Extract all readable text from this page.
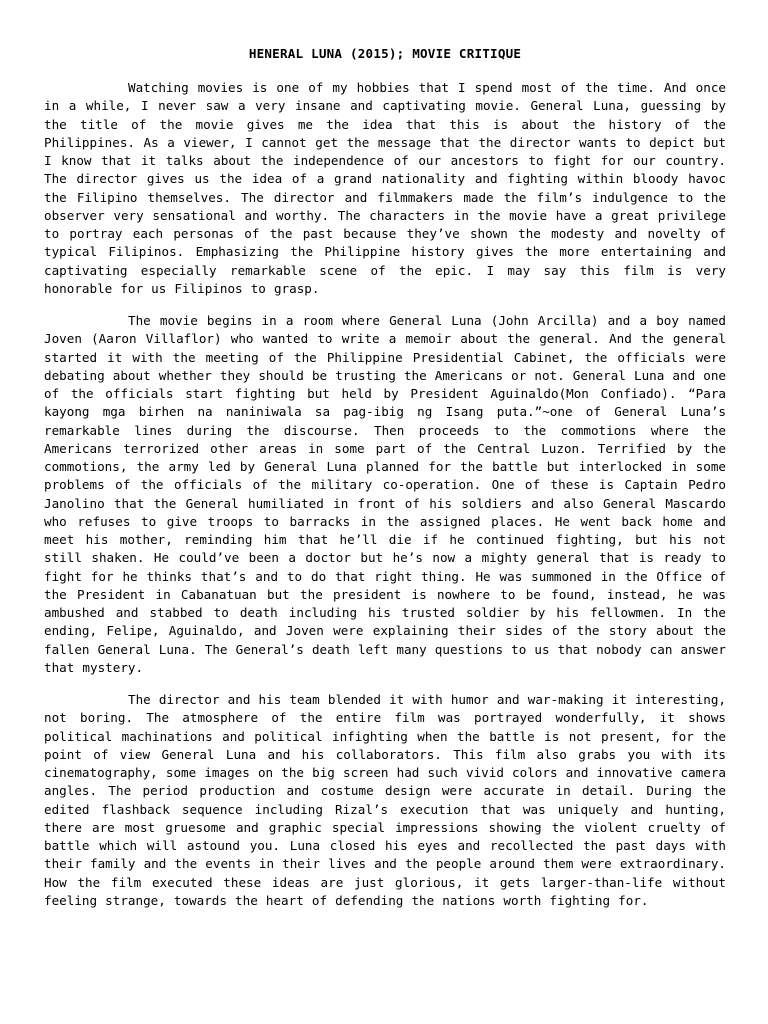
HENERAL LUNA (2015); MOVIE CRITIQUE

Watching movies is one of my hobbies that I spend most of the time. And once in a while, I never saw a very insane and captivating movie. General Luna, guessing by the title of the movie gives me the idea that this is about the history of the Philippines. As a viewer, I cannot get the message that the director wants to depict but I know that it talks about the independence of our ancestors to fight for our country. The director gives us the idea of a grand nationality and fighting within bloody havoc the Filipino themselves. The director and filmmakers made the film’s indulgence to the observer very sensational and worthy. The characters in the movie have a great privilege to portray each personas of the past because they’ve shown the modesty and novelty of typical Filipinos. Emphasizing the Philippine history gives the more entertaining and captivating especially remarkable scene of the epic. I may say this film is very honorable for us Filipinos to grasp.

The movie begins in a room where General Luna (John Arcilla) and a boy named Joven (Aaron Villaflor) who wanted to write a memoir about the general. And the general started it with the meeting of the Philippine Presidential Cabinet, the officials were debating about whether they should be trusting the Americans or not. General Luna and one of the officials start fighting but held by President Aguinaldo(Mon Confiado). “Para kayong mga birhen na naniniwala sa pag-ibig ng Isang puta.”~one of General Luna’s remarkable lines during the discourse. Then proceeds to the commotions where the Americans terrorized other areas in some part of the Central Luzon. Terrified by the commotions, the army led by General Luna planned for the battle but interlocked in some problems of the officials of the military co-operation. One of these is Captain Pedro Janolino that the General humiliated in front of his soldiers and also General Mascardo who refuses to give troops to barracks in the assigned places. He went back home and meet his mother, reminding him that he’ll die if he continued fighting, but his not still shaken. He could’ve been a doctor but he’s now a mighty general that is ready to fight for he thinks that’s and to do that right thing. He was summoned in the Office of the President in Cabanatuan but the president is nowhere to be found, instead, he was ambushed and stabbed to death including his trusted soldier by his fellowmen. In the ending, Felipe, Aguinaldo, and Joven were explaining their sides of the story about the fallen General Luna. The General’s death left many questions to us that nobody can answer that mystery.

The director and his team blended it with humor and war-making it interesting, not boring. The atmosphere of the entire film was portrayed wonderfully, it shows political machinations and political infighting when the battle is not present, for the point of view General Luna and his collaborators. This film also grabs you with its cinematography, some images on the big screen had such vivid colors and innovative camera angles. The period production and costume design were accurate in detail. During the edited flashback sequence including Rizal’s execution that was uniquely and hunting, there are most gruesome and graphic special impressions showing the violent cruelty of battle which will astound you. Luna closed his eyes and recollected the past days with their family and the events in their lives and the people around them were extraordinary. How the film executed these ideas are just glorious, it gets larger-than-life without feeling strange, towards the heart of defending the nations worth fighting for.
